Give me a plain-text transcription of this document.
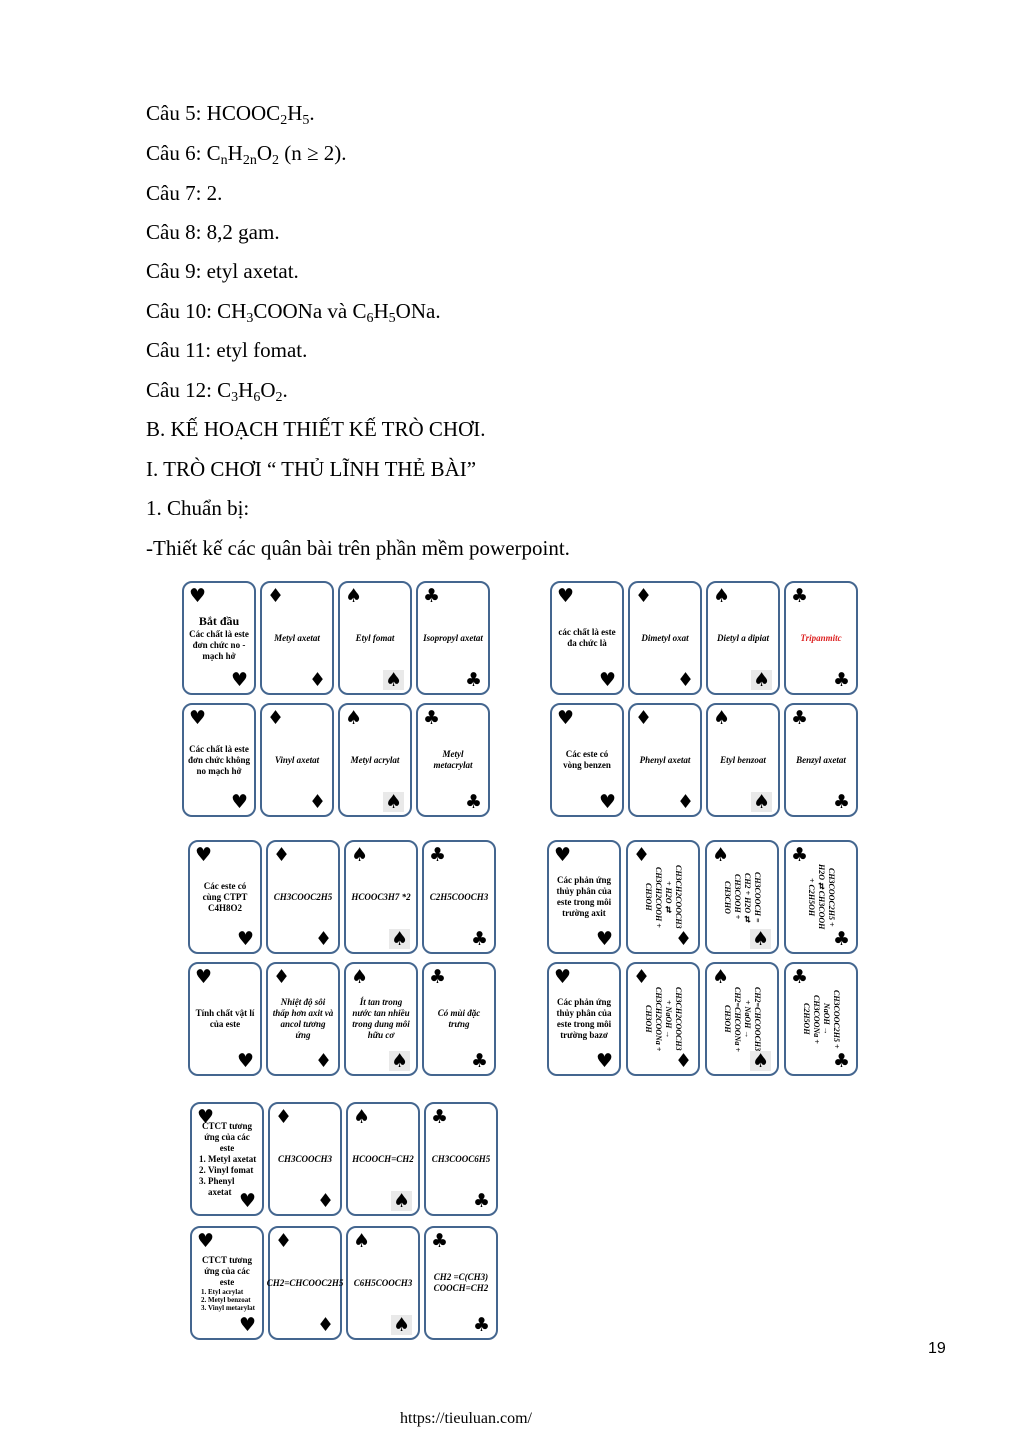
Câu 5: $HCOOC_2H_5$.
Câu 6: $C_nH_{2n}O_2$ (n ≥ 2).
Câu 7: 2.
Câu 8: 8,2 gam.
Câu 9: etyl axetat.
Câu 10: $CH_3COONa$ và $C_6H_5ONa$.
Câu 11: etyl fomat.
Câu 12: $C_3H_6O_2$.
B. KẾ HOẠCH THIẾT KẾ TRÒ CHƠI.
I. TRÒ CHƠI “ THỦ LĨNH THẺ BÀI”
1. Chuẩn bị:
-Thiết kế các quân bài trên phần mềm powerpoint.
♥
♥
Bắt đầu
Các chất là este đơn chức no - mạch hở
♦
♦
Metyl axetat
♠
♠
Etyl fomat
♣
♣
Isopropyl axetat
♥
♥
Các chất là este đơn chức không no mạch hở
♦
♦
Vinyl axetat
♠
♠
Metyl acrylat
♣
♣
Metyl metacrylat
♥
♥
các chất là este đa chức là
♦
♦
Dimetyl oxat
♠
♠
Dietyl a dipiat
♣
♣
Tripanmitc
♥
♥
Các este có vòng benzen
♦
♦
Phenyl axetat
♠
♠
Etyl benzoat
♣
♣
Benzyl axetat
♥
♥
Các este có cùng CTPT C4H8O2
♦
♦
CH3COOC2H5
♠
♠
HCOOC3H7 *2
♣
♣
C2H5COOCH3
♥
♥
Tính chất vật lí của este
♦
♦
Nhiệt độ sôi thấp hơn axit và ancol tương ứng
♠
♠
Ít tan trong nước tan nhiều trong dung môi hữu cơ
♣
♣
Có mùi đặc trưng
♥
♥
Các phản ứng thủy phân của este trong môi trường axit
♦
♦
CH3CH2COOCH3 + H2O ⇄ CH3CH2COOH + CH3OH
♠
♠
CH3COOCH = CH2 + H2O ⇄ CH3COOH + CH3CHO
♣
♣
CH3COOC2H5 + H2O ⇄ CH3COOH + C2H5OH
♥
♥
Các phản ứng thủy phân của este trong môi trường bazơ
♦
♦
CH3CH2COOCH3 + NaOH → CH3CH2COONa + CH3OH
♠
♠
CH2=CHCOOCH3 + NaOH → CH2=CHCOONa + CH3OH
♣
♣
CH3COOC2H5 + NaOH → CH3COONa + C2H5OH
♥
♥
CTCT tương ứng của các este
1. Metyl axetat
2. Vinyl fomat
3. Phenyl axetat
♦
♦
CH3COOCH3
♠
♠
HCOOCH=CH2
♣
♣
CH3COOC6H5
♥
♥
CTCT tương ứng của các este
1. Etyl acrylat
2. Metyl benzoat
3. Vinyl metarylat
♦
♦
CH2=CHCOOC2H5
♠
♠
C6H5COOCH3
♣
♣
CH2 =C(CH3) COOCH=CH2
19
https://tieuluan.com/
